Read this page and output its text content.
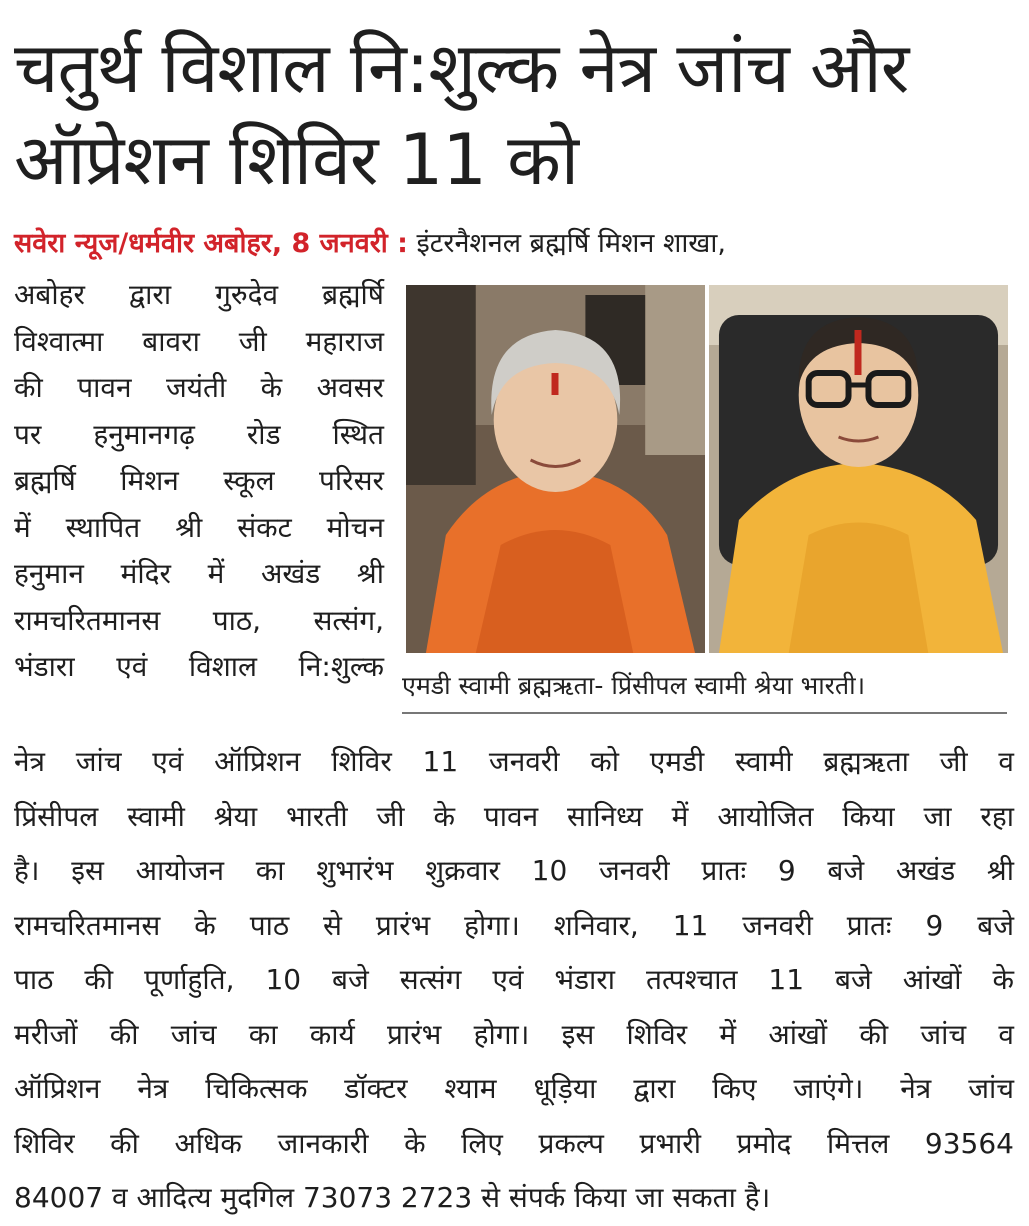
चतुर्थ विशाल नि:शुल्क नेत्र जांच और
ऑप्रेशन शिविर 11 को
सवेरा न्यूज/धर्मवीर अबोहर, 8 जनवरी : इंटरनैशनल ब्रह्मर्षि मिशन शाखा,
अबोहर द्वारा गुरुदेव ब्रह्मर्षि
विश्वात्मा बावरा जी महाराज
की पावन जयंती के अवसर
पर हनुमानगढ़ रोड स्थित
ब्रह्मर्षि मिशन स्कूल परिसर
में स्थापित श्री संकट मोचन
हनुमान मंदिर में अखंड श्री
रामचरितमानस पाठ, सत्संग,
भंडारा एवं विशाल नि:शुल्क
एमडी स्वामी ब्रह्मऋता- प्रिंसीपल स्वामी श्रेया भारती।
नेत्र जांच एवं ऑप्रिशन शिविर 11 जनवरी को एमडी स्वामी ब्रह्मऋता जी व
प्रिंसीपल स्वामी श्रेया भारती जी के पावन सानिध्य में आयोजित किया जा रहा
है। इस आयोजन का शुभारंभ शुक्रवार 10 जनवरी प्रातः 9 बजे अखंड श्री
रामचरितमानस के पाठ से प्रारंभ होगा। शनिवार, 11 जनवरी प्रातः 9 बजे
पाठ की पूर्णाहुति, 10 बजे सत्संग एवं भंडारा तत्पश्चात 11 बजे आंखों के
मरीजों की जांच का कार्य प्रारंभ होगा। इस शिविर में आंखों की जांच व
ऑप्रिशन नेत्र चिकित्सक डॉक्टर श्याम धूड़िया द्वारा किए जाएंगे। नेत्र जांच
शिविर की अधिक जानकारी के लिए प्रकल्प प्रभारी प्रमोद मित्तल 93564
84007 व आदित्य मुदगिल 73073 2723 से संपर्क किया जा सकता है।
